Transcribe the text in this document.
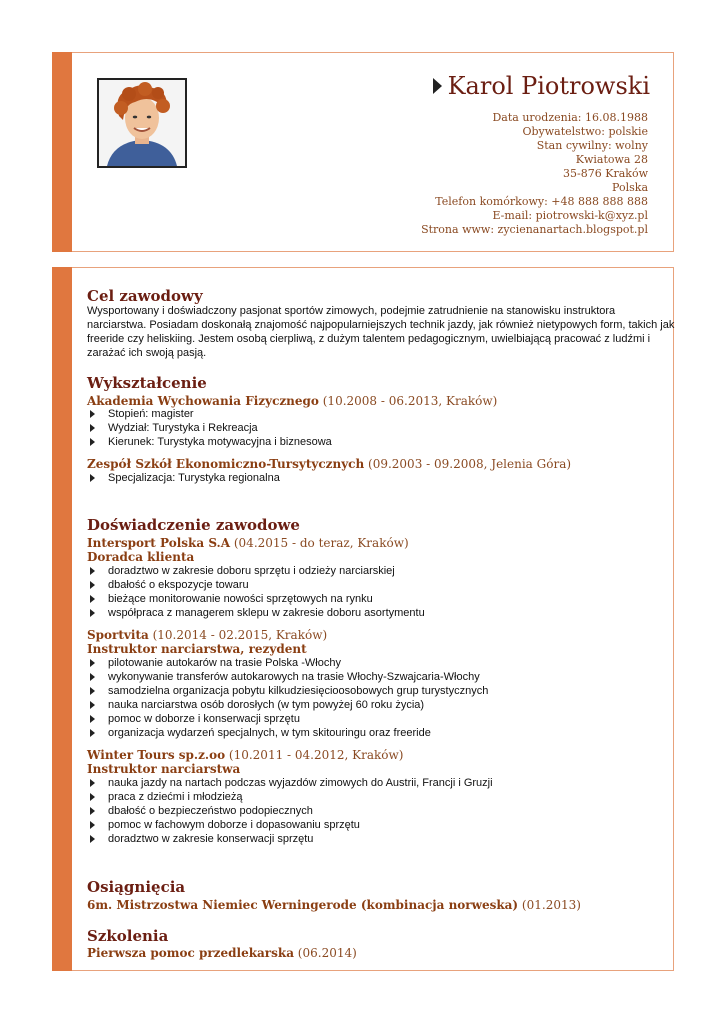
Karol Piotrowski
Data urodzenia: 16.08.1988
Obywatelstwo: polskie
Stan cywilny: wolny
Kwiatowa 28
35-876 Kraków
Polska
Telefon komórkowy: +48 888 888 888
E-mail: piotrowski-k@xyz.pl
Strona www: zycienanartach.blogspot.pl
Cel zawodowy
Wysportowany i doświadczony pasjonat sportów zimowych, podejmie zatrudnienie na stanowisku instruktora narciarstwa. Posiadam doskonałą znajomość najpopularniejszych technik jazdy, jak również nietypowych form, takich jak freeride czy heliskiing. Jestem osobą cierpliwą, z dużym talentem pedagogicznym, uwielbiającą pracować z ludźmi i zarażać ich swoją pasją.
Wykształcenie
Akademia Wychowania Fizycznego (10.2008 - 06.2013, Kraków)
Stopień: magister
Wydział: Turystyka i Rekreacja
Kierunek: Turystyka motywacyjna i biznesowa
Zespół Szkół Ekonomiczno-Tursytycznych (09.2003 - 09.2008, Jelenia Góra)
Specjalizacja: Turystyka regionalna
Doświadczenie zawodowe
Intersport Polska S.A (04.2015 - do teraz, Kraków)
Doradca klienta
doradztwo w zakresie doboru sprzętu i odzieży narciarskiej
dbałość o ekspozycje towaru
bieżące monitorowanie nowości sprzętowych na rynku
współpraca z managerem sklepu w zakresie doboru asortymentu
Sportvita (10.2014 - 02.2015, Kraków)
Instruktor narciarstwa, rezydent
pilotowanie autokarów na trasie Polska -Włochy
wykonywanie transferów autokarowych na trasie Włochy-Szwajcaria-Włochy
samodzielna organizacja pobytu kilkudziesięcioosobowych grup turystycznych
nauka narciarstwa osób dorosłych (w tym powyżej 60 roku życia)
pomoc w doborze i konserwacji sprzętu
organizacja wydarzeń specjalnych, w tym skitouringu oraz freeride
Winter Tours sp.z.oo (10.2011 - 04.2012, Kraków)
Instruktor narciarstwa
nauka jazdy na nartach podczas wyjazdów zimowych do Austrii, Francji i Gruzji
praca z dziećmi i młodzieżą
dbałość o bezpieczeństwo podopiecznych
pomoc w fachowym doborze i dopasowaniu sprzętu
doradztwo w zakresie konserwacji sprzętu
Osiągnięcia
6m. Mistrzostwa Niemiec Werningerode (kombinacja norweska) (01.2013)
Szkolenia
Pierwsza pomoc przedlekarska (06.2014)
